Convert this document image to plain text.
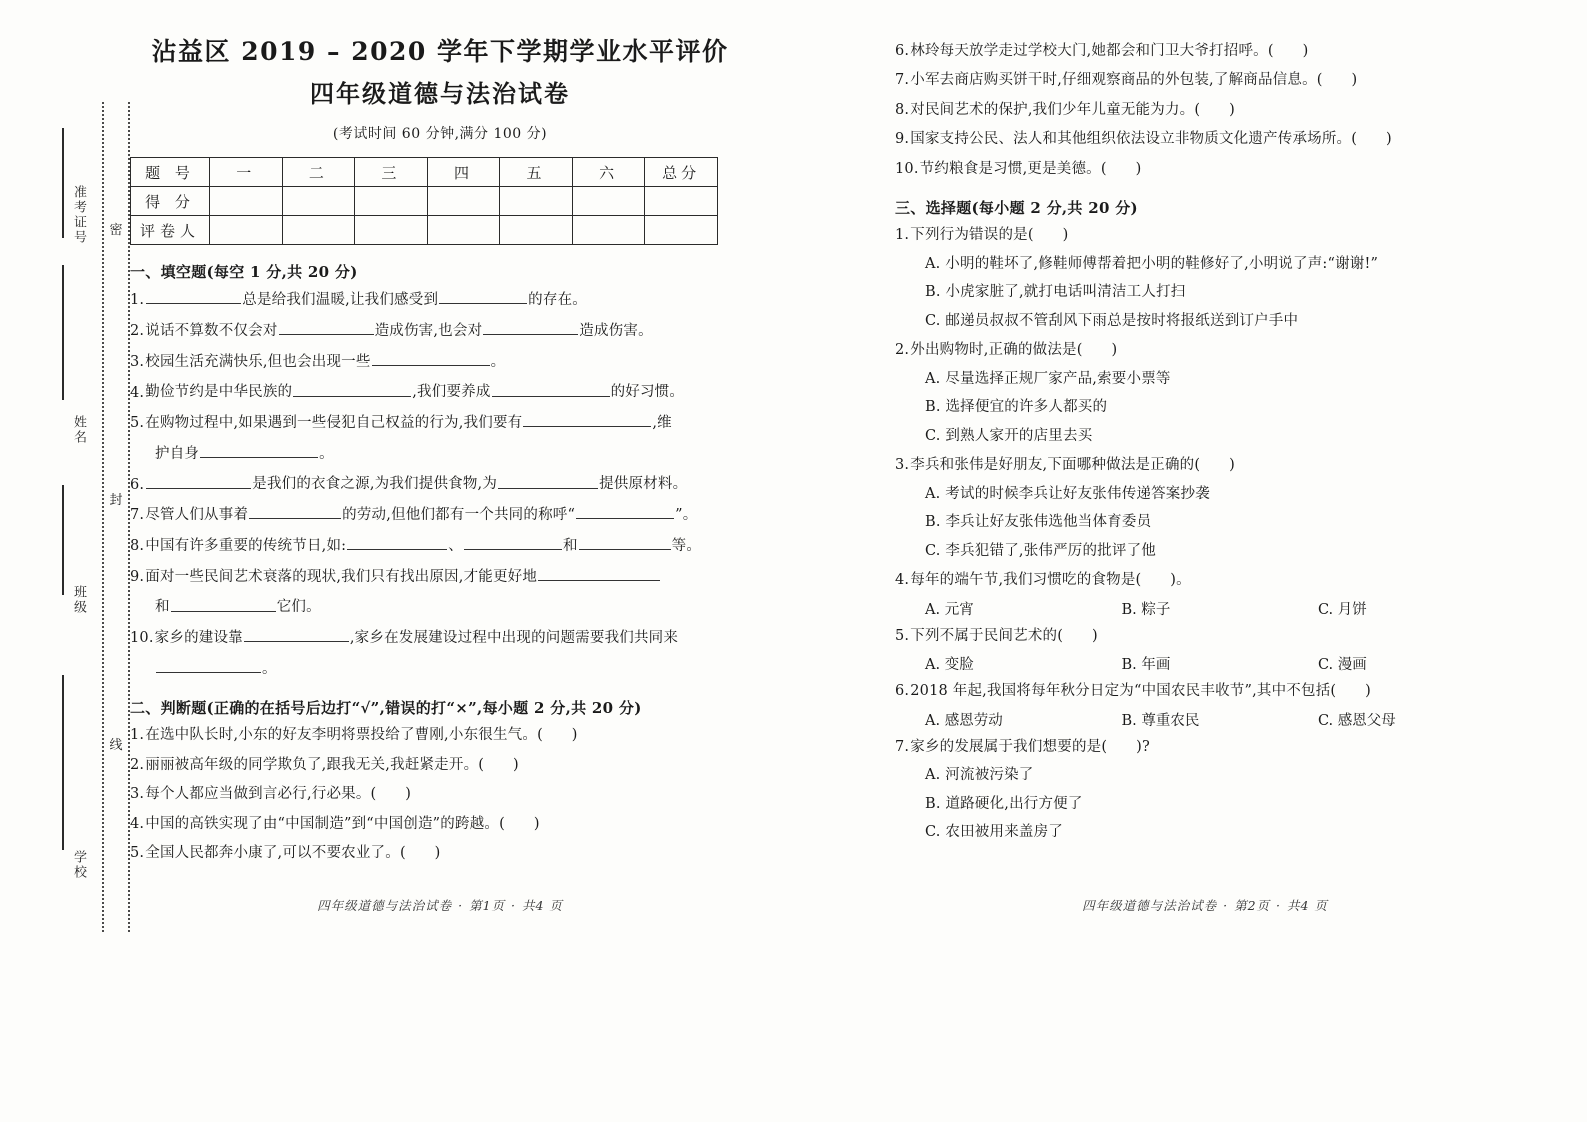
密
封
线
准考证号
姓名
班级
学校
沾益区 2019 – 2020 学年下学期学业水平评价
四年级道德与法治试卷
(考试时间 60 分钟,满分 100 分)
题 号	一	二	三	四	五	六	总分
得 分							
评卷人							
一、填空题(每空 1 分,共 20 分)
1.	总是给我们温暖,让我们感受到	的存在。
2. 说话不算数不仅会对	造成伤害,也会对	造成伤害。
3. 校园生活充满快乐,但也会出现一些	。
4. 勤俭节约是中华民族的	,我们要养成	的好习惯。
5. 在购物过程中,如果遇到一些侵犯自己权益的行为,我们要有	,维
护自身	。
6.	是我们的衣食之源,为我们提供食物,为	提供原材料。
7. 尽管人们从事着	的劳动,但他们都有一个共同的称呼“	”。
8. 中国有许多重要的传统节日,如:	、	和	等。
9. 面对一些民间艺术衰落的现状,我们只有找出原因,才能更好地
和	它们。
10. 家乡的建设靠	,家乡在发展建设过程中出现的问题需要我们共同来
。
二、判断题(正确的在括号后边打“√”,错误的打“×”,每小题 2 分,共 20 分)
1. 在选中队长时,小东的好友李明将票投给了曹刚,小东很生气。(      )
2. 丽丽被高年级的同学欺负了,跟我无关,我赶紧走开。(      )
3. 每个人都应当做到言必行,行必果。(      )
4. 中国的高铁实现了由“中国制造”到“中国创造”的跨越。(      )
5. 全国人民都奔小康了,可以不要农业了。(      )
四年级道德与法治试卷 · 第1页 · 共4 页
6. 林玲每天放学走过学校大门,她都会和门卫大爷打招呼。(      )
7. 小军去商店购买饼干时,仔细观察商品的外包装,了解商品信息。(      )
8. 对民间艺术的保护,我们少年儿童无能为力。(      )
9. 国家支持公民、法人和其他组织依法设立非物质文化遗产传承场所。(      )
10. 节约粮食是习惯,更是美德。(      )
三、选择题(每小题 2 分,共 20 分)
1. 下列行为错误的是(      )
A. 小明的鞋坏了,修鞋师傅帮着把小明的鞋修好了,小明说了声:“谢谢!”
B. 小虎家脏了,就打电话叫清洁工人打扫
C. 邮递员叔叔不管刮风下雨总是按时将报纸送到订户手中
2. 外出购物时,正确的做法是(      )
A. 尽量选择正规厂家产品,索要小票等
B. 选择便宜的许多人都买的
C. 到熟人家开的店里去买
3. 李兵和张伟是好朋友,下面哪种做法是正确的(      )
A. 考试的时候李兵让好友张伟传递答案抄袭
B. 李兵让好友张伟选他当体育委员
C. 李兵犯错了,张伟严厉的批评了他
4. 每年的端午节,我们习惯吃的食物是(      )。
A. 元宵	B. 粽子	C. 月饼
5. 下列不属于民间艺术的(      )
A. 变脸	B. 年画	C. 漫画
6. 2018 年起,我国将每年秋分日定为“中国农民丰收节”,其中不包括(      )
A. 感恩劳动	B. 尊重农民	C. 感恩父母
7. 家乡的发展属于我们想要的是(      )?
A. 河流被污染了
B. 道路硬化,出行方便了
C. 农田被用来盖房了
四年级道德与法治试卷 · 第2页 · 共4 页
